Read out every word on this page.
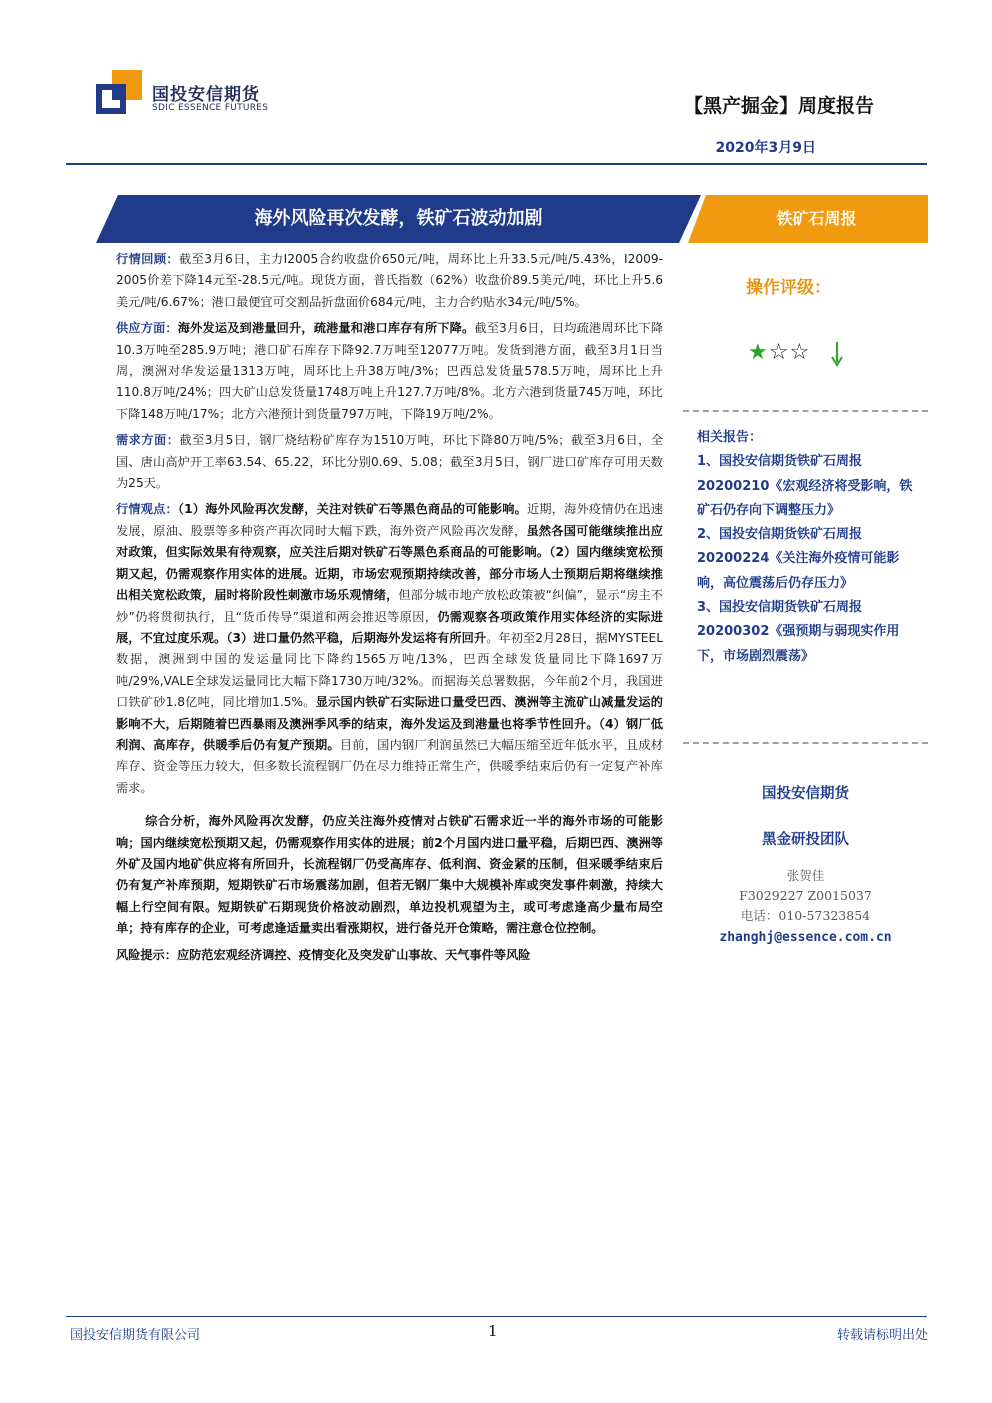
国投安信期货
SDIC ESSENCE FUTURES	【黑产掘金】周度报告
2020年3月9日
海外风险再次发酵，铁矿石波动加剧	铁矿石周报

行情回顾：截至3月6日，主力I2005合约收盘价650元/吨，周环比上升33.5元/吨/5.43%，I2009-2005价差下降14元至-28.5元/吨。现货方面，普氏指数（62%）收盘价89.5美元/吨，环比上升5.6美元/吨/6.67%；港口最便宜可交割品折盘面价684元/吨，主力合约贴水34元/吨/5%。

供应方面：海外发运及到港量回升，疏港量和港口库存有所下降。截至3月6日，日均疏港周环比下降10.3万吨至285.9万吨；港口矿石库存下降92.7万吨至12077万吨。发货到港方面，截至3月1日当周，澳洲对华发运量1313万吨，周环比上升38万吨/3%；巴西总发货量578.5万吨，周环比上升110.8万吨/24%；四大矿山总发货量1748万吨上升127.7万吨/8%。北方六港到货量745万吨，环比下降148万吨/17%；北方六港预计到货量797万吨，下降19万吨/2%。

需求方面：截至3月5日，钢厂烧结粉矿库存为1510万吨，环比下降80万吨/5%；截至3月6日，全国、唐山高炉开工率63.54、65.22，环比分别0.69、5.08；截至3月5日，钢厂进口矿库存可用天数为25天。

行情观点：（1）海外风险再次发酵，关注对铁矿石等黑色商品的可能影响。近期，海外疫情仍在迅速发展，原油、股票等多种资产再次同时大幅下跌，海外资产风险再次发酵，虽然各国可能继续推出应对政策，但实际效果有待观察，应关注后期对铁矿石等黑色系商品的可能影响。（2）国内继续宽松预期又起，仍需观察作用实体的进展。近期，市场宏观预期持续改善，部分市场人士预期后期将继续推出相关宽松政策，届时将阶段性刺激市场乐观情绪，但部分城市地产放松政策被“纠偏”，显示“房主不炒”仍将贯彻执行，且“货币传导”渠道和两会推迟等原因，仍需观察各项政策作用实体经济的实际进展，不宜过度乐观。（3）进口量仍然平稳，后期海外发运将有所回升。年初至2月28日，据MYSTEEL数据，澳洲到中国的发运量同比下降约1565万吨/13%，巴西全球发货量同比下降1697万吨/29%,VALE全球发运量同比大幅下降1730万吨/32%。而据海关总署数据，今年前2个月，我国进口铁矿砂1.8亿吨，同比增加1.5%。显示国内铁矿石实际进口量受巴西、澳洲等主流矿山减量发运的影响不大，后期随着巴西暴雨及澳洲季风季的结束，海外发运及到港量也将季节性回升。（4）钢厂低利润、高库存，供暖季后仍有复产预期。目前，国内钢厂利润虽然已大幅压缩至近年低水平，且成材库存、资金等压力较大，但多数长流程钢厂仍在尽力维持正常生产，供暖季结束后仍有一定复产补库需求。

综合分析，海外风险再次发酵，仍应关注海外疫情对占铁矿石需求近一半的海外市场的可能影响；国内继续宽松预期又起，仍需观察作用实体的进展；前2个月国内进口量平稳，后期巴西、澳洲等外矿及国内地矿供应将有所回升，长流程钢厂仍受高库存、低利润、资金紧的压制，但采暖季结束后仍有复产补库预期，短期铁矿石市场震荡加剧，但若无钢厂集中大规模补库或突发事件刺激，持续大幅上行空间有限。短期铁矿石期现货价格波动剧烈，单边投机观望为主，或可考虑逢高少量布局空单；持有库存的企业，可考虑逢适量卖出看涨期权，进行备兑开仓策略，需注意仓位控制。

风险提示：应防范宏观经济调控、疫情变化及突发矿山事故、天气事件等风险

操作评级：
★☆☆
相关报告：
1、国投安信期货铁矿石周报20200210《宏观经济将受影响，铁矿石仍存向下调整压力》
2、国投安信期货铁矿石周报20200224《关注海外疫情可能影响，高位震荡后仍存压力》
3、国投安信期货铁矿石周报20200302《强预期与弱现实作用下，市场剧烈震荡》
国投安信期货
黑金研投团队
张贺佳
F3029227 Z0015037
电话：010-57323854
zhanghj@essence.com.cn
国投安信期货有限公司	1	转载请标明出处
